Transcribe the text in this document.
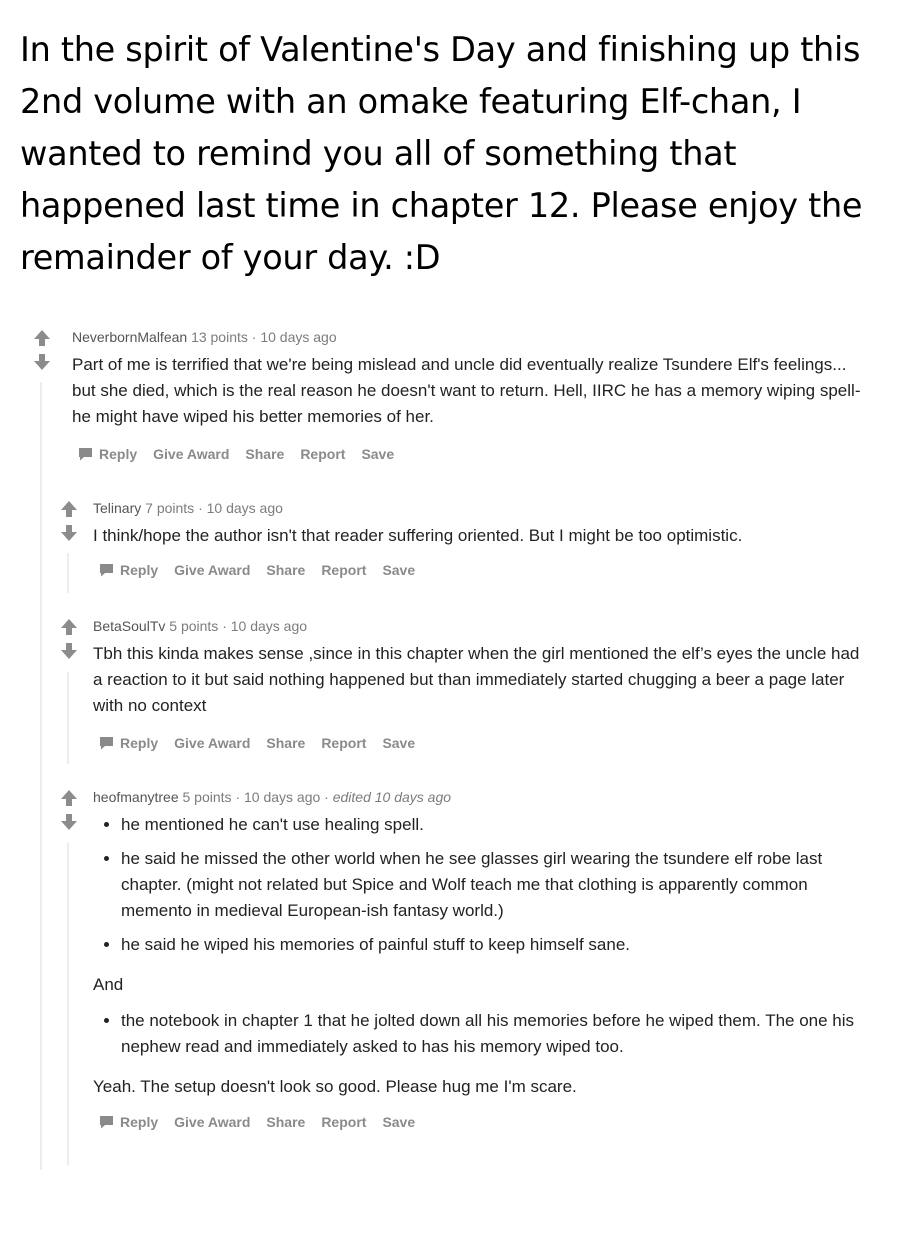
In the spirit of Valentine's Day and finishing up this 2nd volume with an omake featuring Elf-chan, I wanted to remind you all of something that happened last time in chapter 12. Please enjoy the remainder of your day. :D
NeverbornMalfean 13 points · 10 days ago
Part of me is terrified that we're being mislead and uncle did eventually realize Tsundere Elf's feelings... but she died, which is the real reason he doesn't want to return. Hell, IIRC he has a memory wiping spell- he might have wiped his better memories of her.
Reply Give Award Share Report Save
Telinary 7 points · 10 days ago
I think/hope the author isn't that reader suffering oriented. But I might be too optimistic.
Reply Give Award Share Report Save
BetaSoulTv 5 points · 10 days ago
Tbh this kinda makes sense ,since in this chapter when the girl mentioned the elf’s eyes the uncle had a reaction to it but said nothing happened but than immediately started chugging a beer a page later with no context
Reply Give Award Share Report Save
heofmanytree 5 points · 10 days ago · edited 10 days ago
• he mentioned he can't use healing spell.
• he said he missed the other world when he see glasses girl wearing the tsundere elf robe last chapter. (might not related but Spice and Wolf teach me that clothing is apparently common memento in medieval European-ish fantasy world.)
• he said he wiped his memories of painful stuff to keep himself sane.

And

• the notebook in chapter 1 that he jolted down all his memories before he wiped them. The one his nephew read and immediately asked to has his memory wiped too.

Yeah. The setup doesn't look so good. Please hug me I'm scare.

Reply Give Award Share Report Save
